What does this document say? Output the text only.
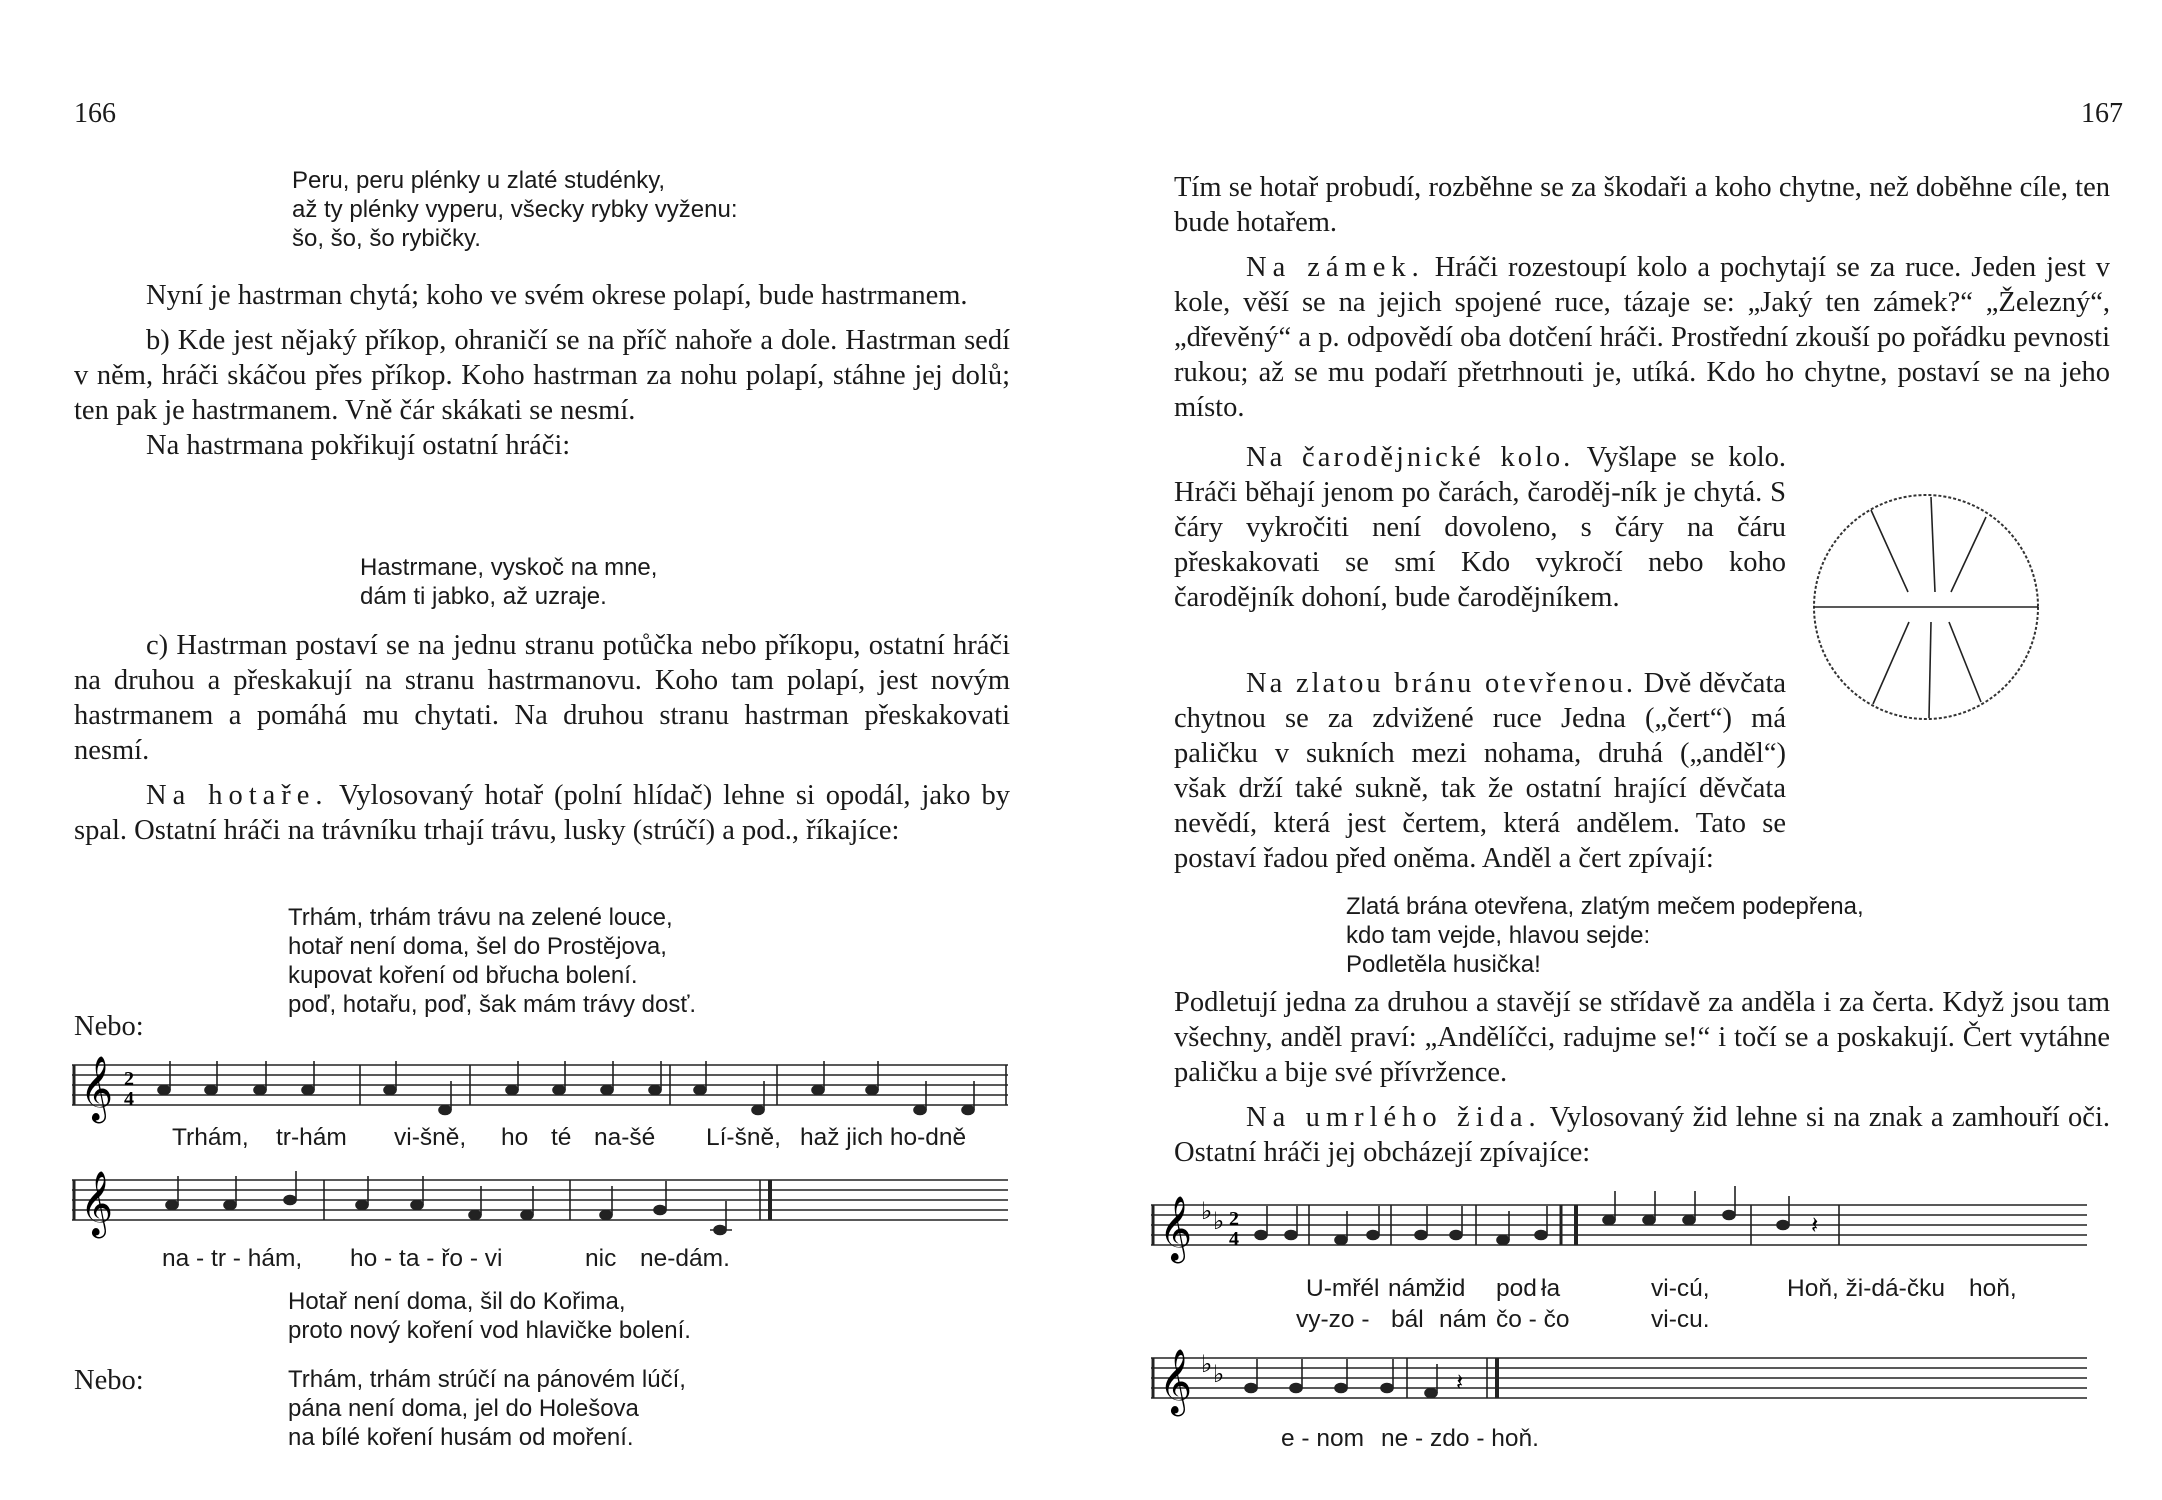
166
Peru, peru plénky u zlaté studénky,
až ty plénky vyperu, všecky rybky vyženu:
šo, šo, šo rybičky.

Nyní je hastrman chytá; koho ve svém okrese polapí, bude hastrmanem.

b) Kde jest nějaký příkop, ohraničí se na příč nahoře a dole. Hastrman sedí v něm, hráči skáčou přes příkop. Koho hastrman za nohu polapí, stáhne jej dolů; ten pak je hastrmanem. Vně čár skákati se nesmí.

Na hastrmana pokřikují ostatní hráči:

Hastrmane, vyskoč na mne,
dám ti jabko, až uzraje.

c) Hastrman postaví se na jednu stranu potůčka nebo příkopu, ostatní hráči na druhou a přeskakují na stranu hastrmanovu. Koho tam polapí, jest novým hastrmanem a pomáhá mu chytati. Na druhou stranu hastrman přeskakovati nesmí.

Na hotaře. Vylosovaný hotař (polní hlídač) lehne si opodál, jako by spal. Ostatní hráči na trávníku trhají trávu, lusky (strúčí) a pod., říkajíce:

Trhám, trhám trávu na zelené louce,
hotař není doma, šel do Prostějova,
kupovat koření od břucha bolení.
poď, hotařu, poď, šak mám trávy dosť.
Nebo:
𝄞 2
4
Trhám, tr-hám vi-šně, ho té na-šé Lí-šně, haž jich ho-dně
𝄞
na - tr - hám, ho - ta - řo - vi	nic ne-dám.
Hotař není doma, šil do Kořima,
proto nový koření vod hlavičke bolení.
Nebo:	Trhám, trhám strúčí na pánovém lúčí,
pána není doma, jel do Holešova
na bílé koření husám od moření.
167

Tím se hotař probudí, rozběhne se za škodaři a koho chytne, než doběhne cíle, ten bude hotařem.

Na zámek. Hráči rozestoupí kolo a pochytají se za ruce. Jeden jest v kole, věší se na jejich spojené ruce, tázaje se: „Jaký ten zámek?“ „Železný“, „dřevěný“ a p. odpovědí oba dotčení hráči. Prostřední zkouší po pořádku pevnosti rukou; až se mu podaří přetrhnouti je, utíká. Kdo ho chytne, postaví se na jeho místo.

Na čarodějnické kolo. Vyšlape se kolo. Hráči běhají jenom po čarách, čaroděj-ník je chytá. S čáry vykročiti není dovoleno, s čáry na čáru přeskakovati se smí Kdo vykročí nebo koho čarodějník dohoní, bude čarodějníkem.

Na zlatou bránu otevřenou. Dvě děvčata chytnou se za zdvižené ruce Jedna („čert“) má paličku v sukních mezi nohama, druhá („anděl“) však drží také sukně, tak že ostatní hrající děvčata nevědí, která jest čertem, která andělem. Tato se postaví řadou před oněma. Anděl a čert zpívají:

Zlatá brána otevřena, zlatým mečem podepřena,
kdo tam vejde, hlavou sejde:
Podletěla husička!

Podletují jedna za druhou a stavějí se střídavě za anděla i za čerta. Když jsou tam všechny, anděl praví: „Andělíčci, radujme se!“ i točí se a poskakují. Čert vytáhne paličku a bije své přívržence.

Na umrlého žida. Vylosovaný žid lehne si na znak a zamhouří oči. Ostatní hráči jej obcházejí zpívajíce:

𝄞 ♭ ♭ 2
4	𝄽
U-mřél nám
žid pod ła	vi-cú,	Hoň, ži-dá-čku hoň,
vy-zo - bál nám čo - čo	vi-cu.
𝄞 ♭ ♭	𝄽
e - nom ne - zdo - hoň.
